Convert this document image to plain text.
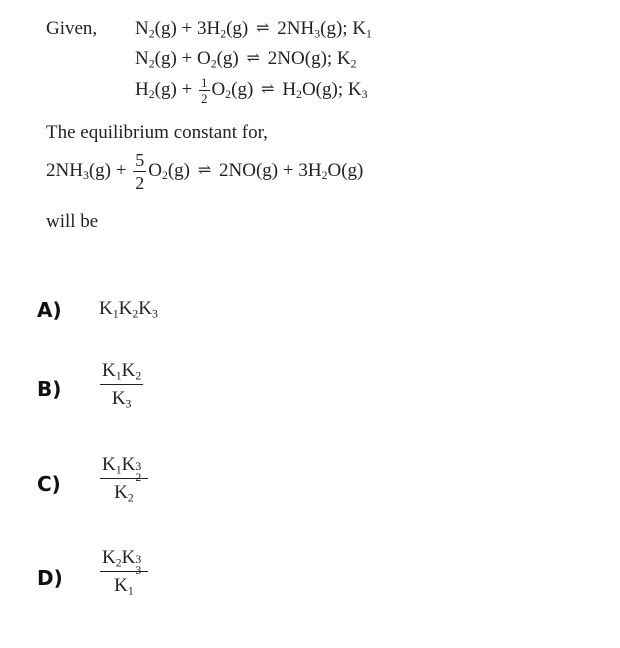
Given, $N_2(g) + 3H_2(g)$ ⇌ $2NH_3(g)$; $K_1$
$N_2(g) + O_2(g)$ ⇌ 2NO(g); $K_2$
$H_2(g) + \frac{1}{2} O_2(g)$ ⇌ $H_2O(g)$; $K_3$
The equilibrium constant for,
$2NH_3(g) + \frac{5}{2} O_2(g)$ ⇌ $2NO(g) + 3H_2O(g)$
will be
A) $K_1K_2K_3$
B)
$K_1K_2$
$K_3$
C)
$K_1K$ 3
2
$K_2$
D)
$K_2K$ 3
3
$K_1$
